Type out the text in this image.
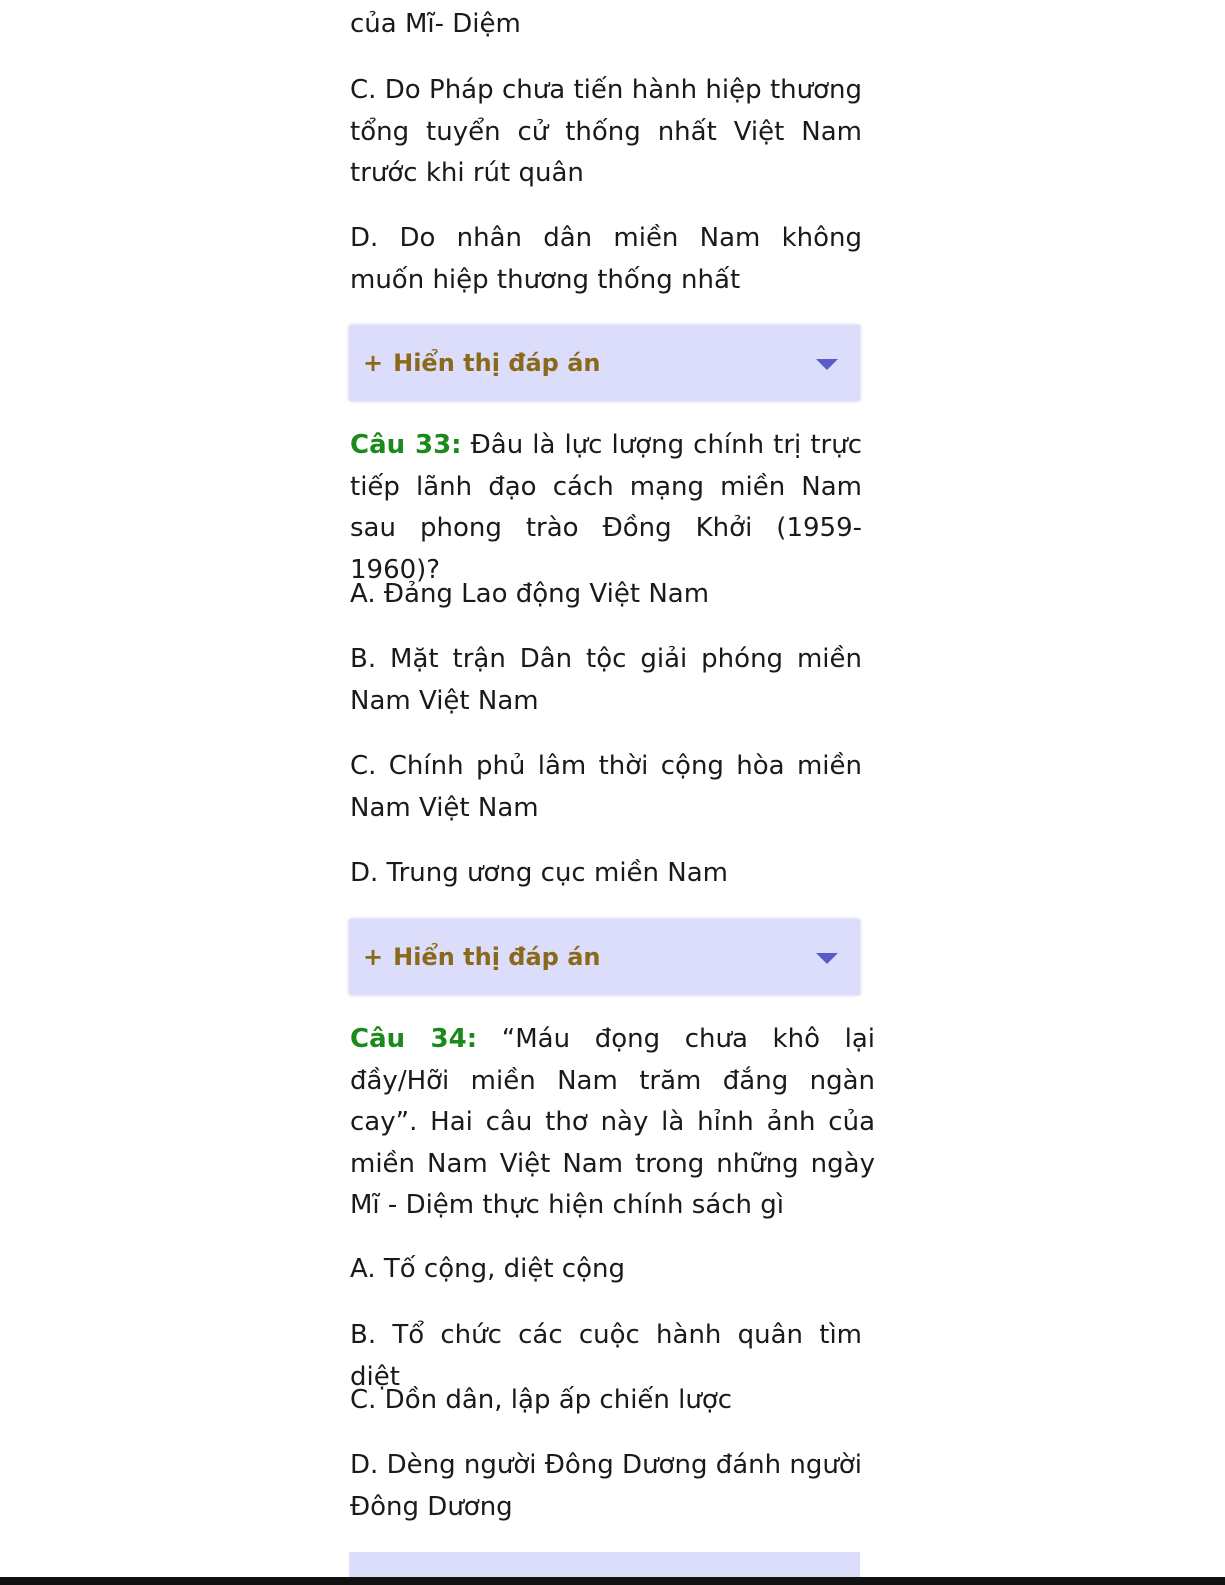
của Mĩ- Diệm

C. Do Pháp chưa tiến hành hiệp thương tổng tuyển cử thống nhất Việt Nam trước khi rút quân

D. Do nhân dân miền Nam không muốn hiệp thương thống nhất

+ Hiển thị đáp án

Câu 33: Đâu là lực lượng chính trị trực tiếp lãnh đạo cách mạng miền Nam sau phong trào Đồng Khởi (1959-1960)?

A. Đảng Lao động Việt Nam

B. Mặt trận Dân tộc giải phóng miền Nam Việt Nam

C. Chính phủ lâm thời cộng hòa miền Nam Việt Nam

D. Trung ương cục miền Nam

+ Hiển thị đáp án

Câu 34: “Máu đọng chưa khô lại đầy/Hỡi miền Nam trăm đắng ngàn cay”. Hai câu thơ này là hỉnh ảnh của miền Nam Việt Nam trong những ngày Mĩ - Diệm thực hiện chính sách gì

A. Tố cộng, diệt cộng

B. Tổ chức các cuộc hành quân tìm diệt

C. Dồn dân, lập ấp chiến lược

D. Dèng người Đông Dương đánh người Đông Dương
